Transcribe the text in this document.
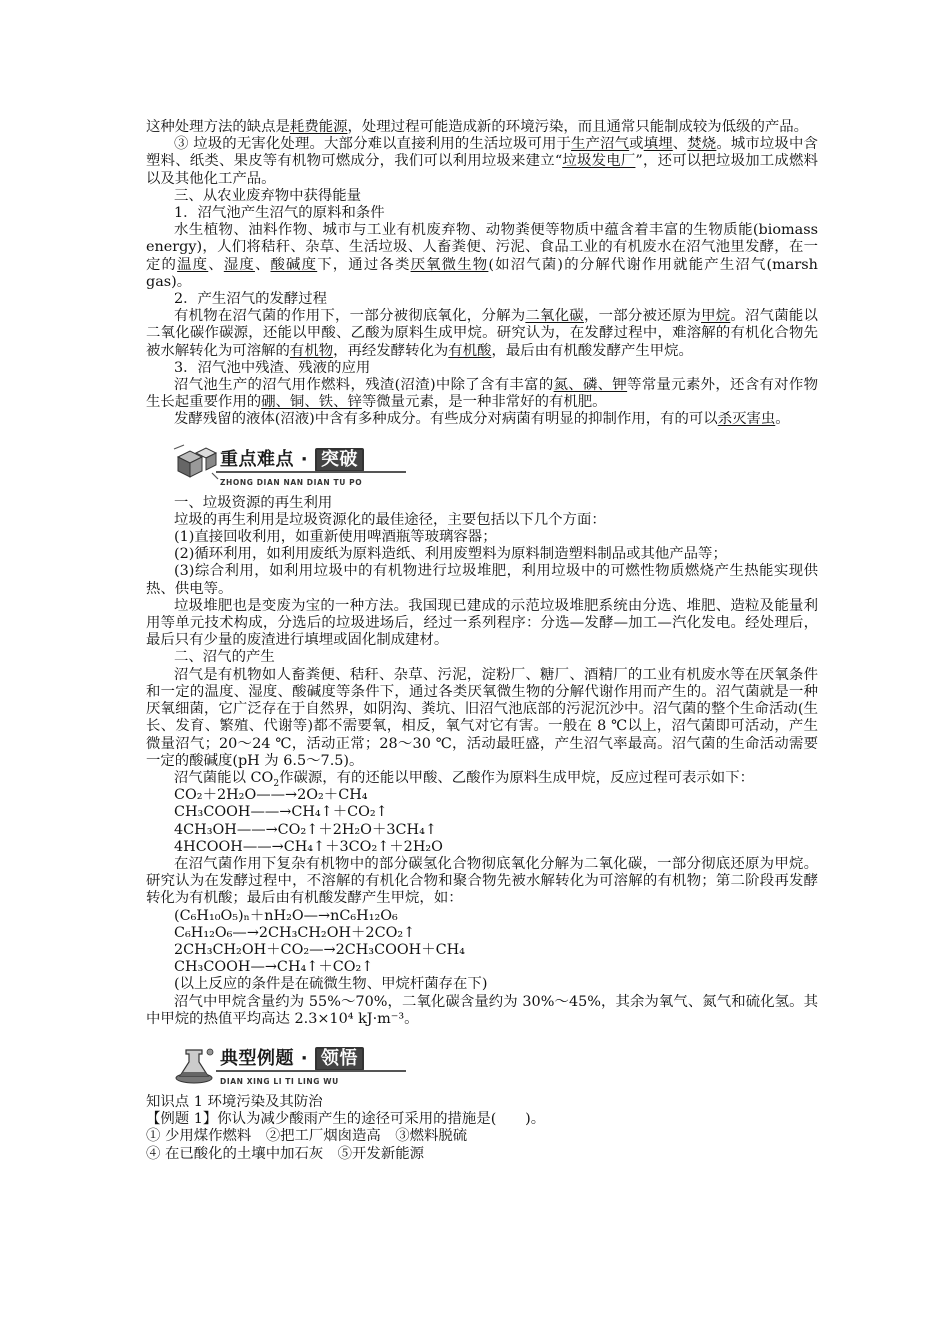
这种处理方法的缺点是耗费能源，处理过程可能造成新的环境污染，而且通常只能制成较为低级的产品。

③ 垃圾的无害化处理。大部分难以直接利用的生活垃圾可用于生产沼气或填埋、焚烧。城市垃圾中含塑料、纸类、果皮等有机物可燃成分，我们可以利用垃圾来建立“垃圾发电厂”，还可以把垃圾加工成燃料以及其他化工产品。

三、从农业废弃物中获得能量

1．沼气池产生沼气的原料和条件

水生植物、油料作物、城市与工业有机废弃物、动物粪便等物质中蕴含着丰富的生物质能(biomass energy)，人们将秸秆、杂草、生活垃圾、人畜粪便、污泥、食品工业的有机废水在沼气池里发酵，在一定的温度、湿度、酸碱度下，通过各类厌氧微生物(如沼气菌)的分解代谢作用就能产生沼气(marsh gas)。

2．产生沼气的发酵过程

有机物在沼气菌的作用下，一部分被彻底氧化，分解为二氧化碳，一部分被还原为甲烷。沼气菌能以二氧化碳作碳源，还能以甲酸、乙酸为原料生成甲烷。研究认为，在发酵过程中，难溶解的有机化合物先被水解转化为可溶解的有机物，再经发酵转化为有机酸，最后由有机酸发酵产生甲烷。

3．沼气池中残渣、残液的应用

沼气池生产的沼气用作燃料，残渣(沼渣)中除了含有丰富的氮、磷、钾等常量元素外，还含有对作物生长起重要作用的硼、铜、铁、锌等微量元素，是一种非常好的有机肥。

发酵残留的液体(沼液)中含有多种成分。有些成分对病菌有明显的抑制作用，有的可以杀灭害虫。

重点难点 · 突破
ZHONG DIAN NAN DIAN TU PO

一、垃圾资源的再生利用

垃圾的再生利用是垃圾资源化的最佳途径，主要包括以下几个方面：

(1)直接回收利用，如重新使用啤酒瓶等玻璃容器；

(2)循环利用，如利用废纸为原料造纸、利用废塑料为原料制造塑料制品或其他产品等；

(3)综合利用，如利用垃圾中的有机物进行垃圾堆肥，利用垃圾中的可燃性物质燃烧产生热能实现供热、供电等。

垃圾堆肥也是变废为宝的一种方法。我国现已建成的示范垃圾堆肥系统由分选、堆肥、造粒及能量利用等单元技术构成，分选后的垃圾进场后，经过一系列程序：分选—发酵—加工—汽化发电。经处理后，最后只有少量的废渣进行填埋或固化制成建材。

二、沼气的产生

沼气是有机物如人畜粪便、秸秆、杂草、污泥，淀粉厂、糖厂、酒精厂的工业有机废水等在厌氧条件和一定的温度、湿度、酸碱度等条件下，通过各类厌氧微生物的分解代谢作用而产生的。沼气菌就是一种厌氧细菌，它广泛存在于自然界，如阴沟、粪坑、旧沼气池底部的污泥沉沙中。沼气菌的整个生命活动(生长、发育、繁殖、代谢等)都不需要氧，相反，氧气对它有害。一般在 8 ℃以上，沼气菌即可活动，产生微量沼气；20～24 ℃，活动正常；28～30 ℃，活动最旺盛，产生沼气率最高。沼气菌的生命活动需要一定的酸碱度(pH 为 6.5～7.5)。

沼气菌能以 $CO_2$作碳源，有的还能以甲酸、乙酸作为原料生成甲烷，反应过程可表示如下：

CO₂＋2H₂O——→2O₂＋CH₄

CH₃COOH——→CH₄↑＋CO₂↑

4CH₃OH——→CO₂↑＋2H₂O＋3CH₄↑

4HCOOH——→CH₄↑＋3CO₂↑＋2H₂O

在沼气菌作用下复杂有机物中的部分碳氢化合物彻底氧化分解为二氧化碳，一部分彻底还原为甲烷。研究认为在发酵过程中，不溶解的有机化合物和聚合物先被水解转化为可溶解的有机物；第二阶段再发酵转化为有机酸；最后由有机酸发酵产生甲烷，如：

(C₆H₁₀O₅)ₙ＋nH₂O—→nC₆H₁₂O₆

C₆H₁₂O₆—→2CH₃CH₂OH＋2CO₂↑

2CH₃CH₂OH＋CO₂—→2CH₃COOH＋CH₄

CH₃COOH—→CH₄↑＋CO₂↑

(以上反应的条件是在硫微生物、甲烷杆菌存在下)

沼气中甲烷含量约为 55%～70%，二氧化碳含量约为 30%～45%，其余为氧气、氮气和硫化氢。其中甲烷的热值平均高达 2.3×10⁴ kJ·m⁻³。

典型例题 · 领悟
DIAN XING LI TI LING WU

知识点 1 环境污染及其防治

【例题 1】你认为减少酸雨产生的途径可采用的措施是(　　)。

① 少用煤作燃料　②把工厂烟囱造高　③燃料脱硫

④ 在已酸化的土壤中加石灰　⑤开发新能源
